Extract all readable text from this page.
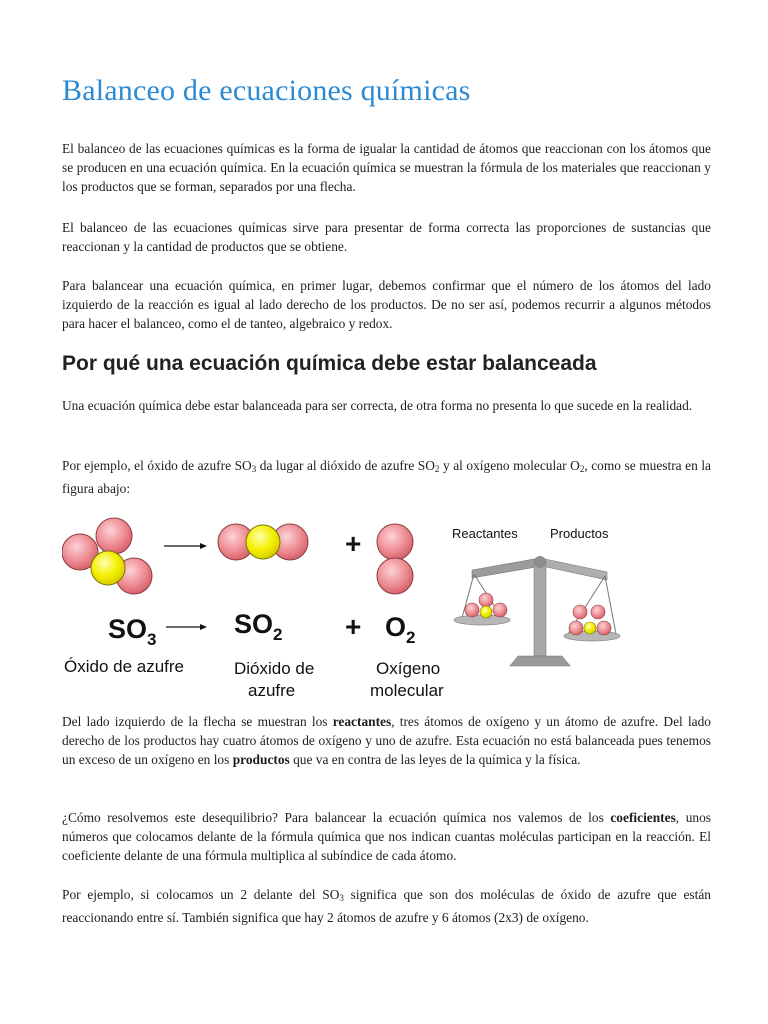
Balanceo de ecuaciones químicas

El balanceo de las ecuaciones químicas es la forma de igualar la cantidad de átomos que reaccionan con los átomos que se producen en una ecuación química. En la ecuación química se muestran la fórmula de los materiales que reaccionan y los productos que se forman, separados por una flecha.

El balanceo de las ecuaciones químicas sirve para presentar de forma correcta las proporciones de sustancias que reaccionan y la cantidad de productos que se obtiene.

Para balancear una ecuación química, en primer lugar, debemos confirmar que el número de los átomos del lado izquierdo de la reacción es igual al lado derecho de los productos. De no ser así, podemos recurrir a algunos métodos para hacer el balanceo, como el de tanteo, algebraico y redox.

Por qué una ecuación química debe estar balanceada

Una ecuación química debe estar balanceada para ser correcta, de otra forma no presenta lo que sucede en la realidad.

Por ejemplo, el óxido de azufre $SO_3$ da lugar al dióxido de azufre $SO_2$ y al oxígeno molecular $O_2$, como se muestra en la figura abajo:

+
$SO_3$
$SO_2 + O_2$
Óxido de azufre	Dióxido de
azufre
Oxígeno
molecular
Reactantes Productos

Del lado izquierdo de la flecha se muestran los reactantes, tres átomos de oxígeno y un átomo de azufre. Del lado derecho de los productos hay cuatro átomos de oxígeno y uno de azufre. Esta ecuación no está balanceada pues tenemos un exceso de un oxígeno en los productos que va en contra de las leyes de la química y la física.

¿Cómo resolvemos este desequilibrio? Para balancear la ecuación química nos valemos de los coeficientes, unos números que colocamos delante de la fórmula química que nos indican cuantas moléculas participan en la reacción. El coeficiente delante de una fórmula multiplica al subíndice de cada átomo.

Por ejemplo, si colocamos un 2 delante del $SO_3$ significa que son dos moléculas de óxido de azufre que están reaccionando entre sí. También significa que hay 2 átomos de azufre y 6 átomos (2x3) de oxígeno.
